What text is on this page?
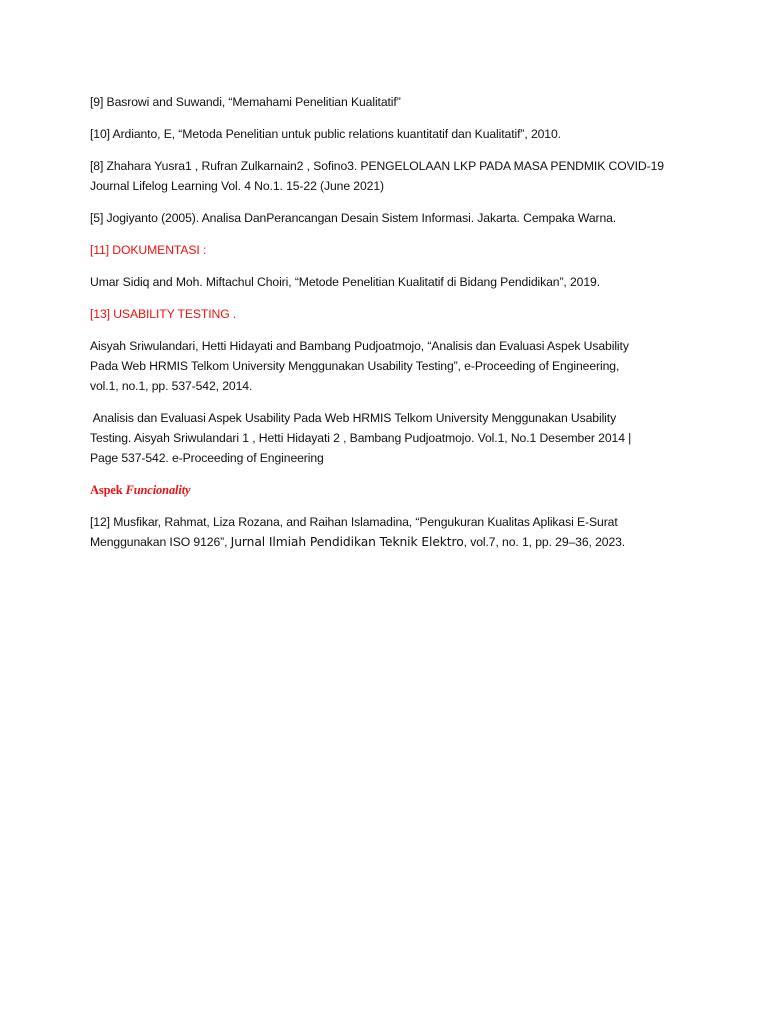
[9] Basrowi and Suwandi, “Memahami Penelitian Kualitatif”

[10] Ardianto, E, “Metoda Penelitian untuk public relations kuantitatif dan Kualitatif”, 2010.

[8] Zhahara Yusra1 , Rufran Zulkarnain2 , Sofino3. PENGELOLAAN LKP PADA MASA PENDMIK COVID-19
Journal Lifelog Learning Vol. 4 No.1. 15-22 (June 2021)

[5] Jogiyanto (2005). Analisa DanPerancangan Desain Sistem Informasi. Jakarta. Cempaka Warna.

[11] DOKUMENTASI :

Umar Sidiq and Moh. Miftachul Choiri, “Metode Penelitian Kualitatif di Bidang Pendidikan”, 2019.

[13] USABILITY TESTING .

Aisyah Sriwulandari, Hetti Hidayati and Bambang Pudjoatmojo, “Analisis dan Evaluasi Aspek Usability
Pada Web HRMIS Telkom University Menggunakan Usability Testing”, e-Proceeding of Engineering,
vol.1, no.1, pp. 537-542, 2014.

Analisis dan Evaluasi Aspek Usability Pada Web HRMIS Telkom University Menggunakan Usability
Testing. Aisyah Sriwulandari 1 , Hetti Hidayati 2 , Bambang Pudjoatmojo. Vol.1, No.1 Desember 2014 |
Page 537-542. e-Proceeding of Engineering

Aspek Funcionality

[12] Musfikar, Rahmat, Liza Rozana, and Raihan Islamadina, “Pengukuran Kualitas Aplikasi E-Surat
Menggunakan ISO 9126”, Jurnal Ilmiah Pendidikan Teknik Elektro, vol.7, no. 1, pp. 29–36, 2023.
